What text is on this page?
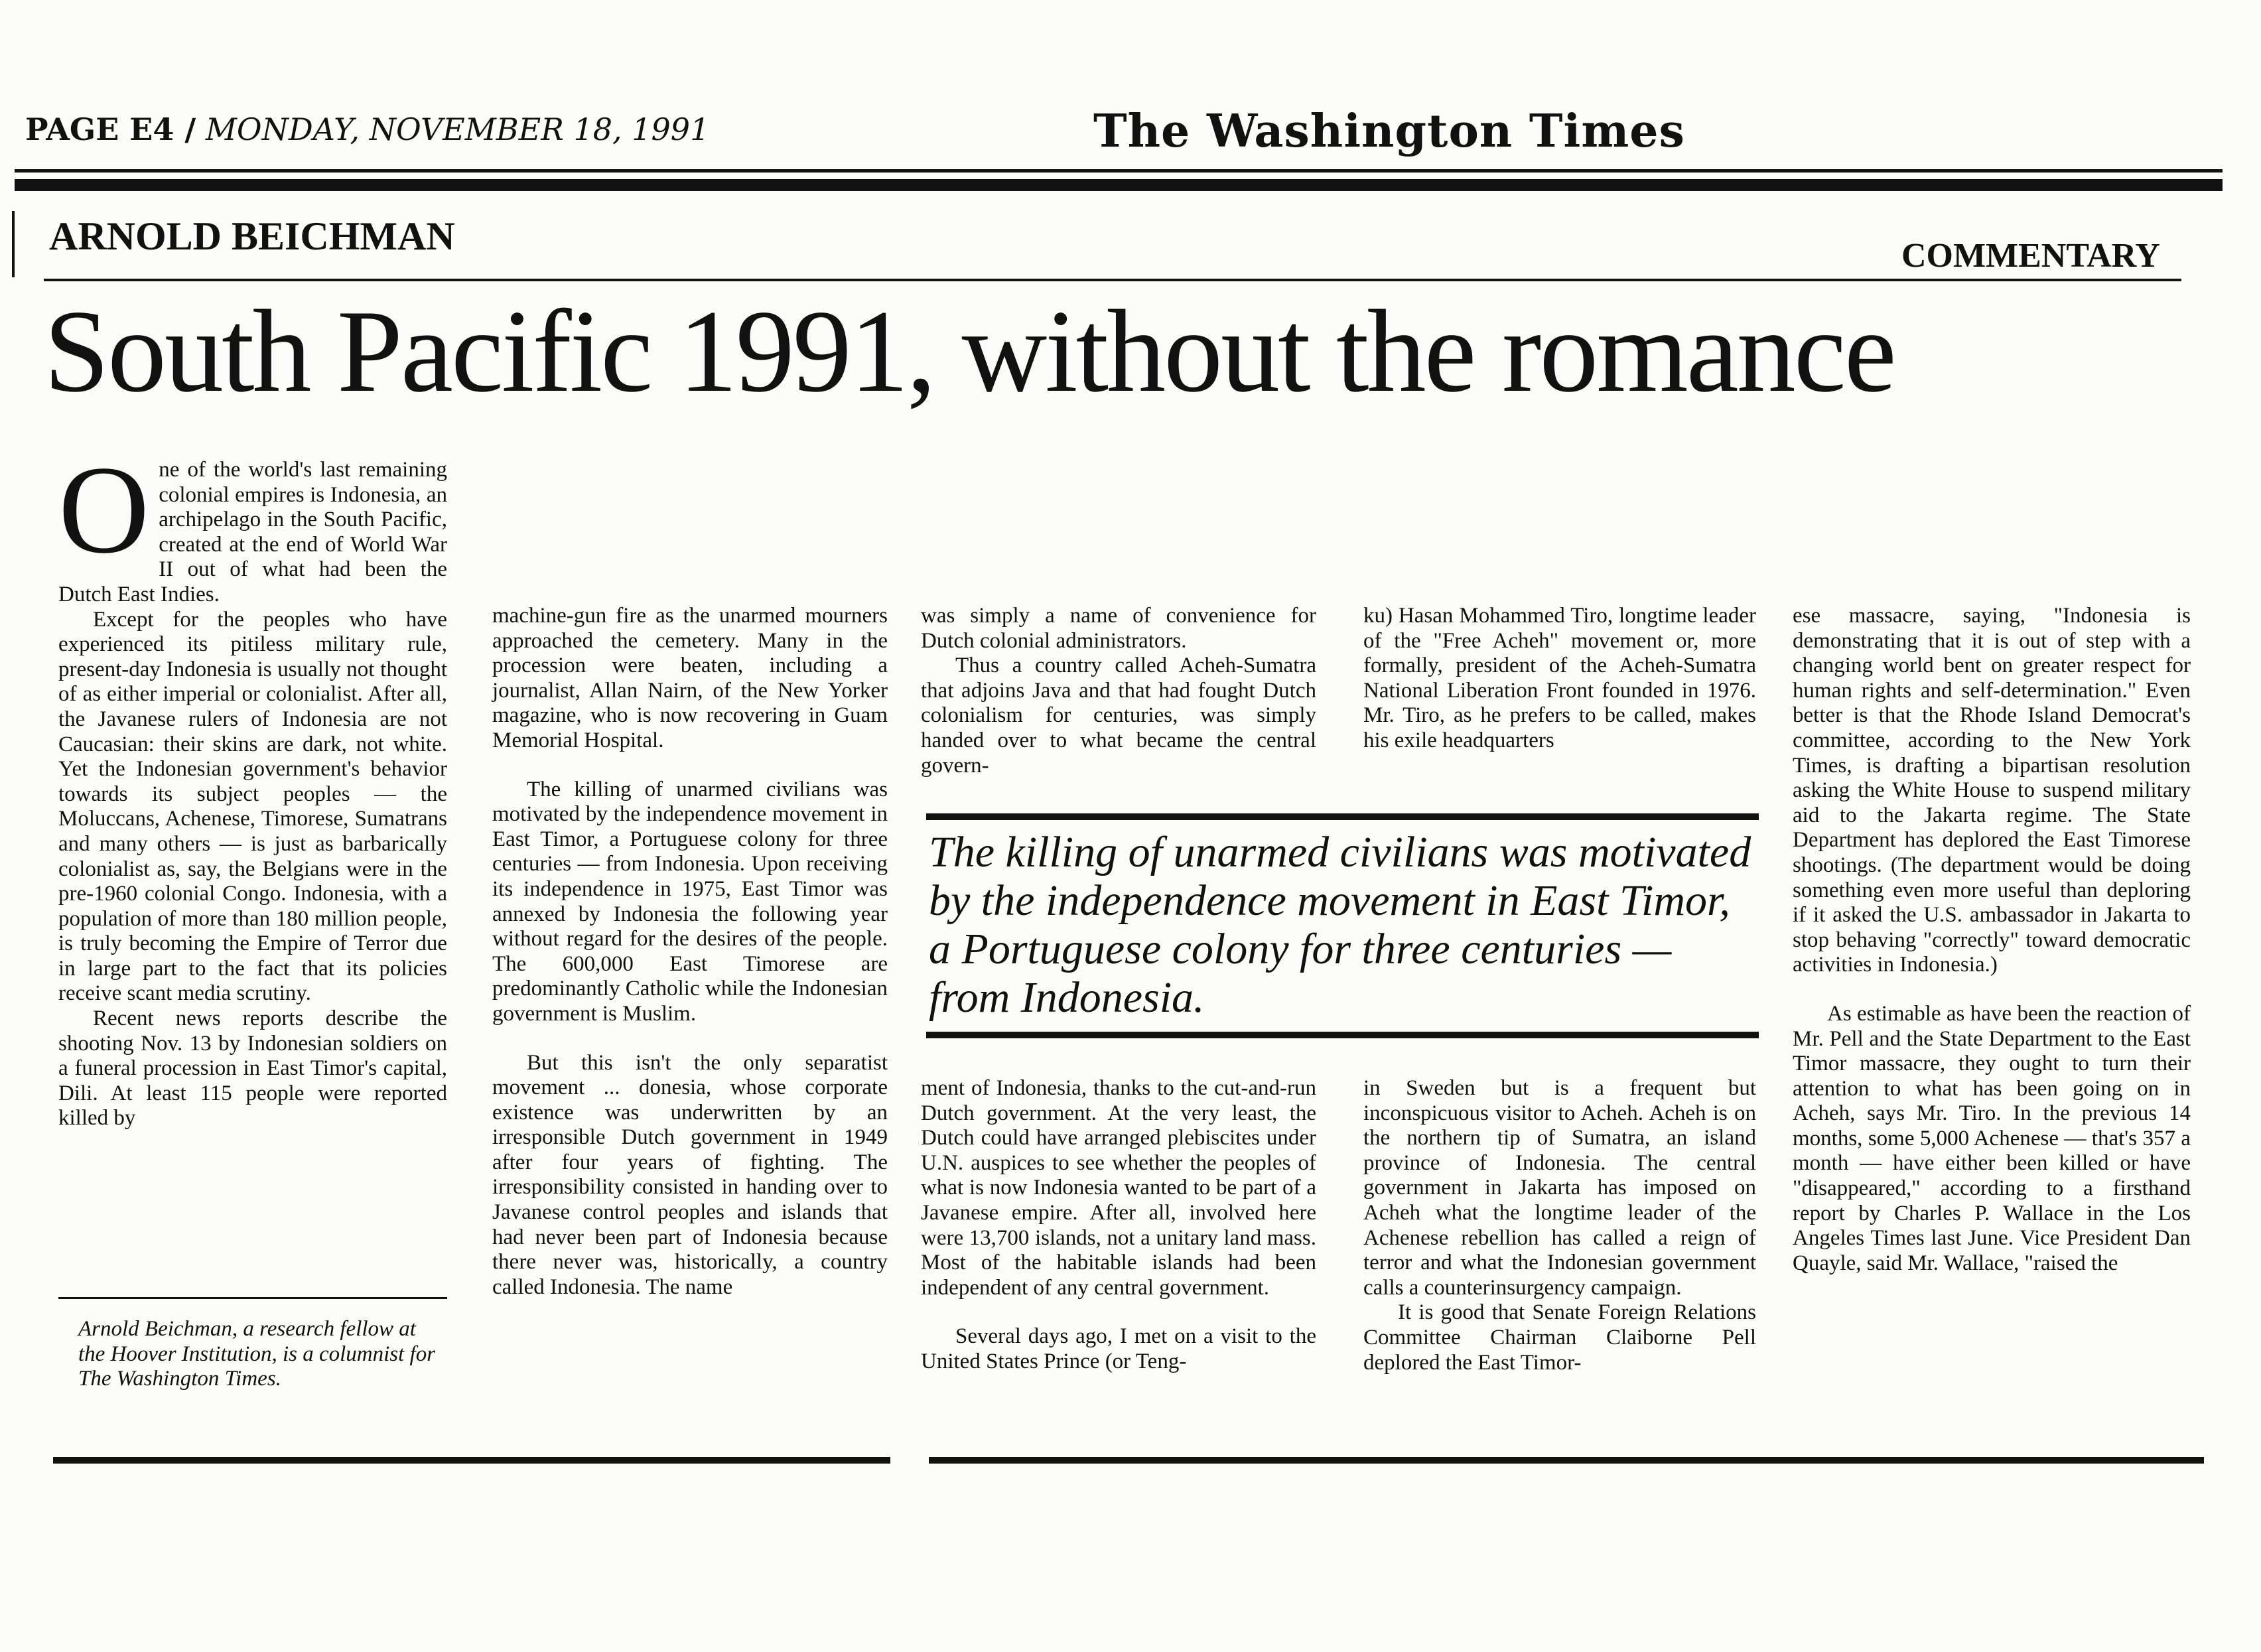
PAGE E4 / MONDAY, NOVEMBER 18, 1991	The Washington Times
ARNOLD BEICHMAN	COMMENTARY
South Pacific 1991, without the romance
O ne of the world's last remaining colonial empires is Indonesia, an archipelago in the South Pacific, created at the end of World War II out of what had been the Dutch East Indies.

Except for the peoples who have experienced its pitiless military rule, present-day Indonesia is usually not thought of as either imperial or colonialist. After all, the Javanese rulers of Indonesia are not Caucasian: their skins are dark, not white. Yet the Indonesian government's behavior towards its subject peoples — the Moluccans, Achenese, Timorese, Sumatrans and many others — is just as barbarically colonialist as, say, the Belgians were in the pre-1960 colonial Congo. Indonesia, with a population of more than 180 million people, is truly becoming the Empire of Terror due in large part to the fact that its policies receive scant media scrutiny.

Recent news reports describe the shooting Nov. 13 by Indonesian soldiers on a funeral procession in East Timor's capital, Dili. At least 115 people were reported killed by

Arnold Beichman, a research fellow at the Hoover Institution, is a columnist for The Washington Times.

machine-gun fire as the unarmed mourners approached the cemetery. Many in the procession were beaten, including a journalist, Allan Nairn, of the New Yorker magazine, who is now recovering in Guam Memorial Hospital.

The killing of unarmed civilians was motivated by the independence movement in East Timor, a Portuguese colony for three centuries — from Indonesia. Upon receiving its independence in 1975, East Timor was annexed by Indonesia the following year without regard for the desires of the people. The 600,000 East Timorese are predominantly Catholic while the Indonesian government is Muslim.

But this isn't the only separatist movement ... donesia, whose corporate existence was underwritten by an irresponsible Dutch government in 1949 after four years of fighting. The irresponsibility consisted in handing over to Javanese control peoples and islands that had never been part of Indonesia because there never was, historically, a country called Indonesia. The name

was simply a name of convenience for Dutch colonial administrators.

Thus a country called Acheh-Sumatra that adjoins Java and that had fought Dutch colonialism for centuries, was simply handed over to what became the central govern-

ku) Hasan Mohammed Tiro, longtime leader of the "Free Acheh" movement or, more formally, president of the Acheh-Sumatra National Liberation Front founded in 1976. Mr. Tiro, as he prefers to be called, makes his exile headquarters

The killing of unarmed civilians was motivated by the independence movement in East Timor, a Portuguese colony for three centuries — from Indonesia.

ment of Indonesia, thanks to the cut-and-run Dutch government. At the very least, the Dutch could have arranged plebiscites under U.N. auspices to see whether the peoples of what is now Indonesia wanted to be part of a Javanese empire. After all, involved here were 13,700 islands, not a unitary land mass. Most of the habitable islands had been independent of any central government.

Several days ago, I met on a visit to the United States Prince (or Teng-

in Sweden but is a frequent but inconspicuous visitor to Acheh. Acheh is on the northern tip of Sumatra, an island province of Indonesia. The central government in Jakarta has imposed on Acheh what the longtime leader of the Achenese rebellion has called a reign of terror and what the Indonesian government calls a counterinsurgency campaign.

It is good that Senate Foreign Relations Committee Chairman Claiborne Pell deplored the East Timor-

ese massacre, saying, "Indonesia is demonstrating that it is out of step with a changing world bent on greater respect for human rights and self-determination." Even better is that the Rhode Island Democrat's committee, according to the New York Times, is drafting a bipartisan resolution asking the White House to suspend military aid to the Jakarta regime. The State Department has deplored the East Timorese shootings. (The department would be doing something even more useful than deploring if it asked the U.S. ambassador in Jakarta to stop behaving "correctly" toward democratic activities in Indonesia.)

As estimable as have been the reaction of Mr. Pell and the State Department to the East Timor massacre, they ought to turn their attention to what has been going on in Acheh, says Mr. Tiro. In the previous 14 months, some 5,000 Achenese — that's 357 a month — have either been killed or have "disappeared," according to a firsthand report by Charles P. Wallace in the Los Angeles Times last June. Vice President Dan Quayle, said Mr. Wallace, "raised the
